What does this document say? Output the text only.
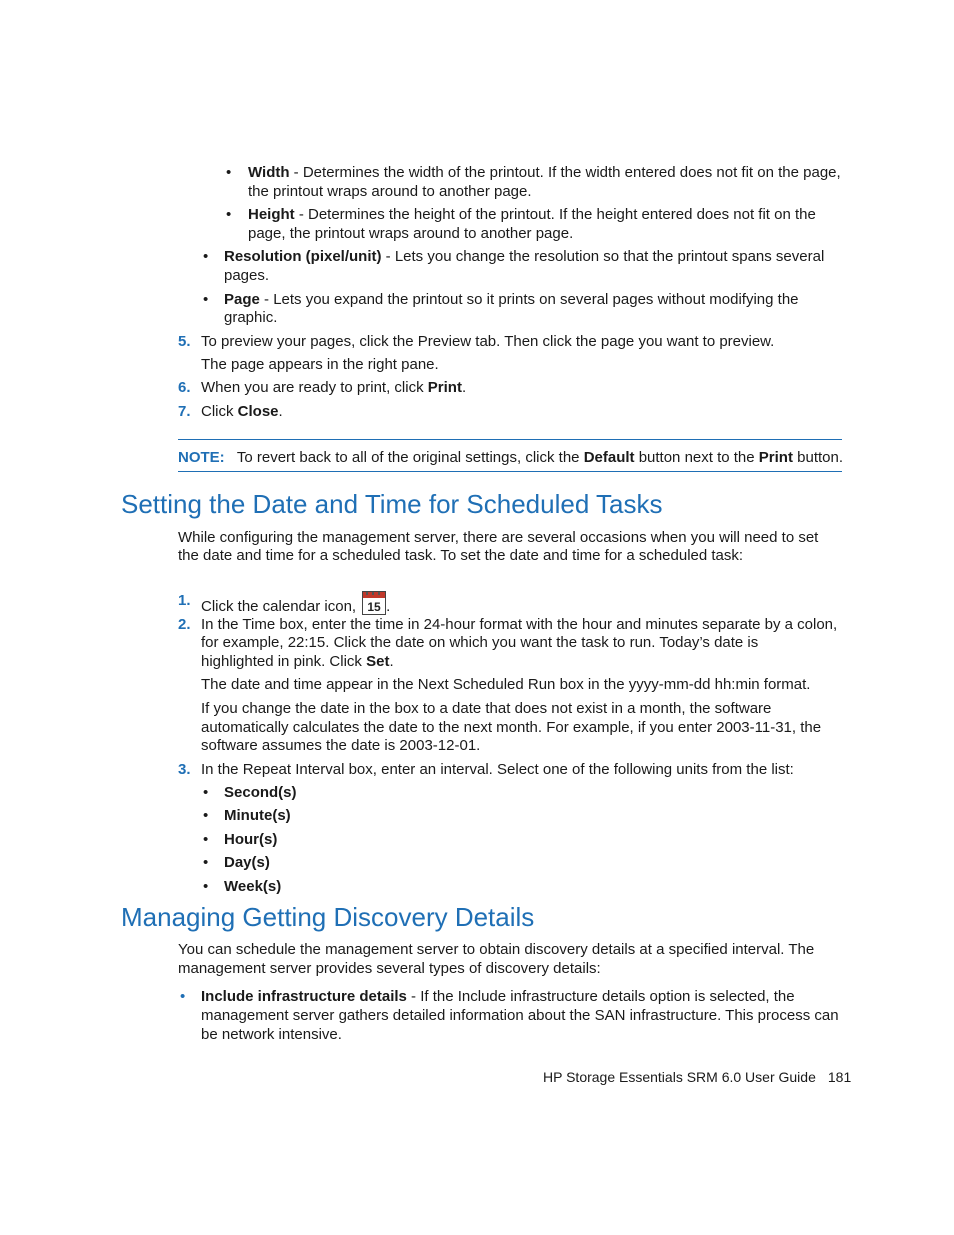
• Width - Determines the width of the printout. If the width entered does not fit on the page,
the printout wraps around to another page.
• Height - Determines the height of the printout. If the height entered does not fit on the
page, the printout wraps around to another page.
• Resolution (pixel/unit) - Lets you change the resolution so that the printout spans several
pages.
• Page - Lets you expand the printout so it prints on several pages without modifying the
graphic.
5. To preview your pages, click the Preview tab. Then click the page you want to preview.
The page appears in the right pane.
6. When you are ready to print, click Print.
7. Click Close.
NOTE: To revert back to all of the original settings, click the Default button next to the Print button.
Setting the Date and Time for Scheduled Tasks
While configuring the management server, there are several occasions when you will need to set
the date and time for a scheduled task. To set the date and time for a scheduled task:
1. Click the calendar icon, 15 .
2. In the Time box, enter the time in 24-hour format with the hour and minutes separate by a colon,
for example, 22:15. Click the date on which you want the task to run. Today’s date is
highlighted in pink. Click Set.
The date and time appear in the Next Scheduled Run box in the yyyy-mm-dd hh:min format.
If you change the date in the box to a date that does not exist in a month, the software
automatically calculates the date to the next month. For example, if you enter 2003-11-31, the
software assumes the date is 2003-12-01.
3. In the Repeat Interval box, enter an interval. Select one of the following units from the list:
• Second(s)
• Minute(s)
• Hour(s)
• Day(s)
• Week(s)
Managing Getting Discovery Details
You can schedule the management server to obtain discovery details at a specified interval. The
management server provides several types of discovery details:
• Include infrastructure details - If the Include infrastructure details option is selected, the
management server gathers detailed information about the SAN infrastructure. This process can
be network intensive.
HP Storage Essentials SRM 6.0 User Guide 181
